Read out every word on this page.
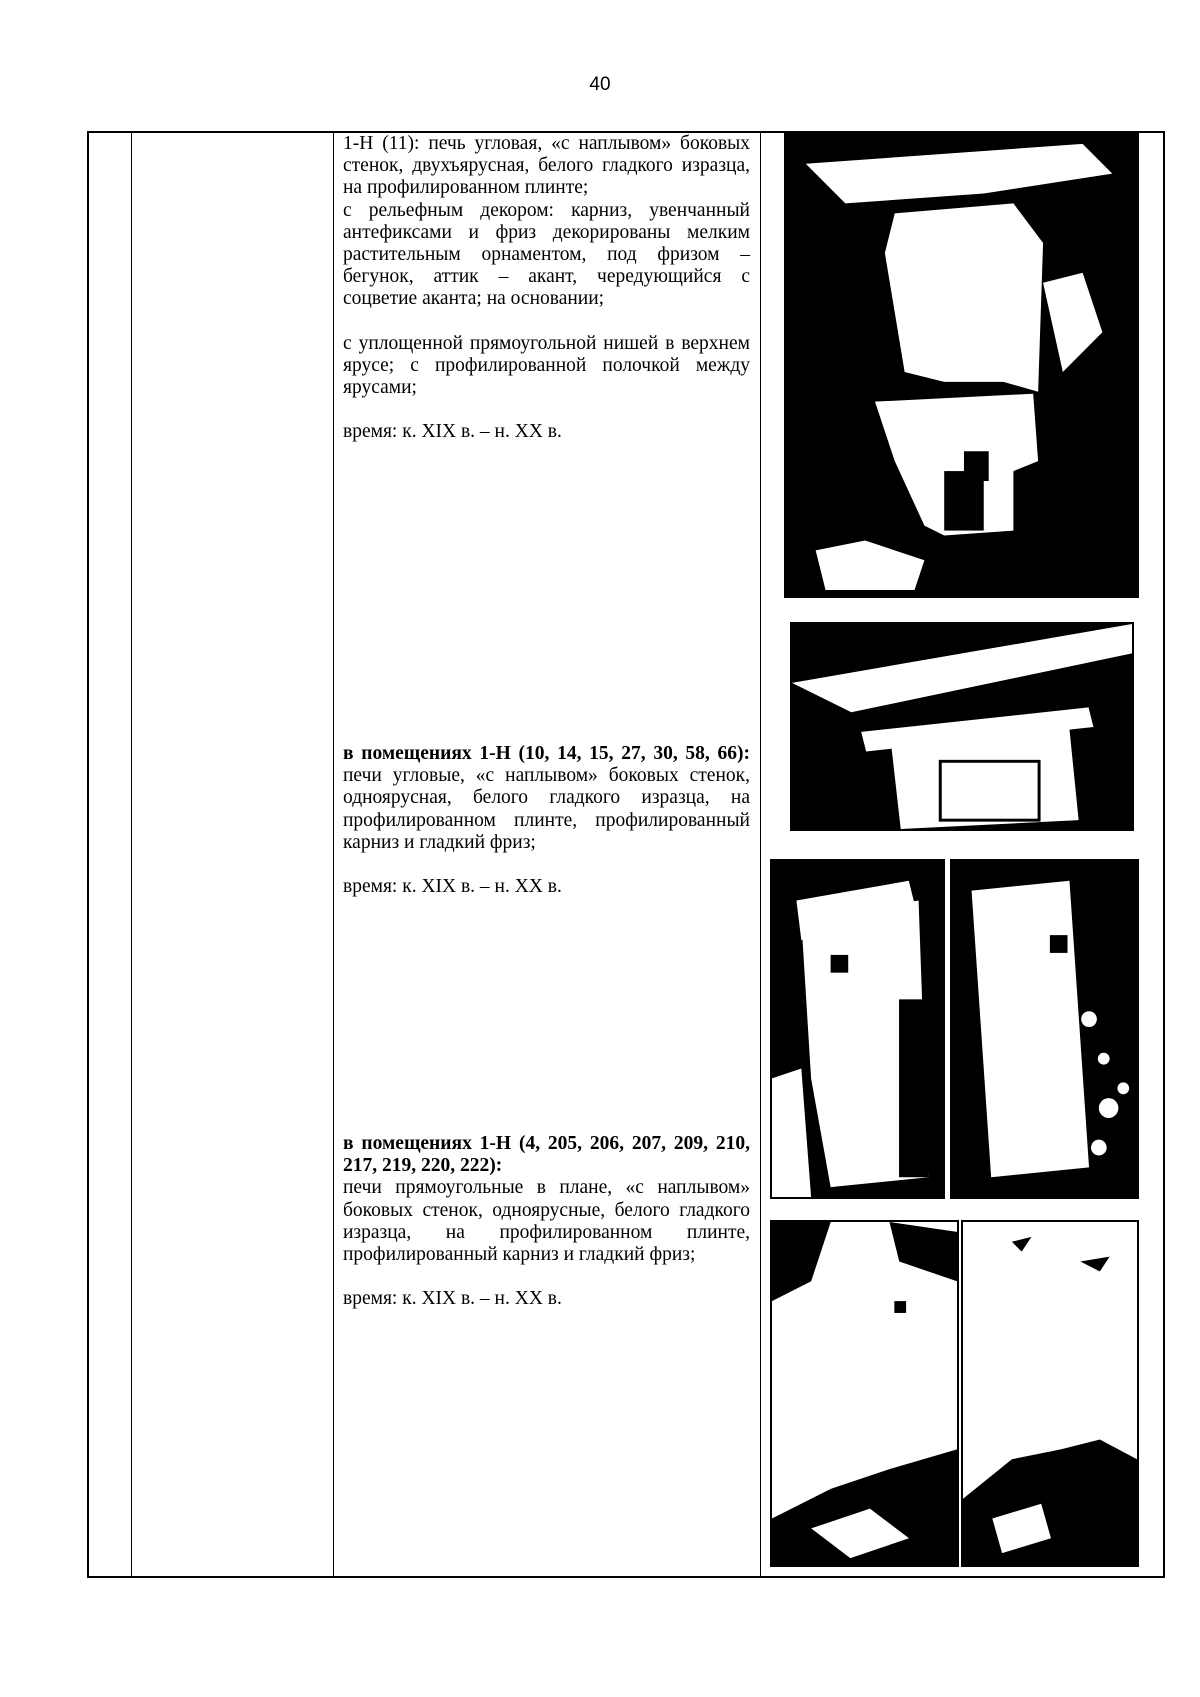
40

1-Н (11): печь угловая, «с наплывом» боковых стенок, двухъярусная, белого гладкого изразца, на профилированном плинте;

с рельефным декором: карниз, увенчанный антефиксами и фриз декорированы мелким растительным орнаментом, под фризом – бегунок, аттик – акант, чередующийся с соцветие аканта; на основании;

с уплощенной прямоугольной нишей в верхнем ярусе; с профилированной полочкой между ярусами;

время: к. XIX в. – н. XX в.

в помещениях 1-Н (10, 14, 15, 27, 30, 58, 66): печи угловые, «с наплывом» боковых стенок, одноярусная, белого гладкого изразца, на профилированном плинте, профилированный карниз и гладкий фриз;

время: к. XIX в. – н. XX в.

в помещениях 1-Н (4, 205, 206, 207, 209, 210, 217, 219, 220, 222):

печи прямоугольные в плане, «с наплывом» боковых стенок, одноярусные, белого гладкого изразца, на профилированном плинте, профилированный карниз и гладкий фриз;

время: к. XIX в. – н. XX в.
